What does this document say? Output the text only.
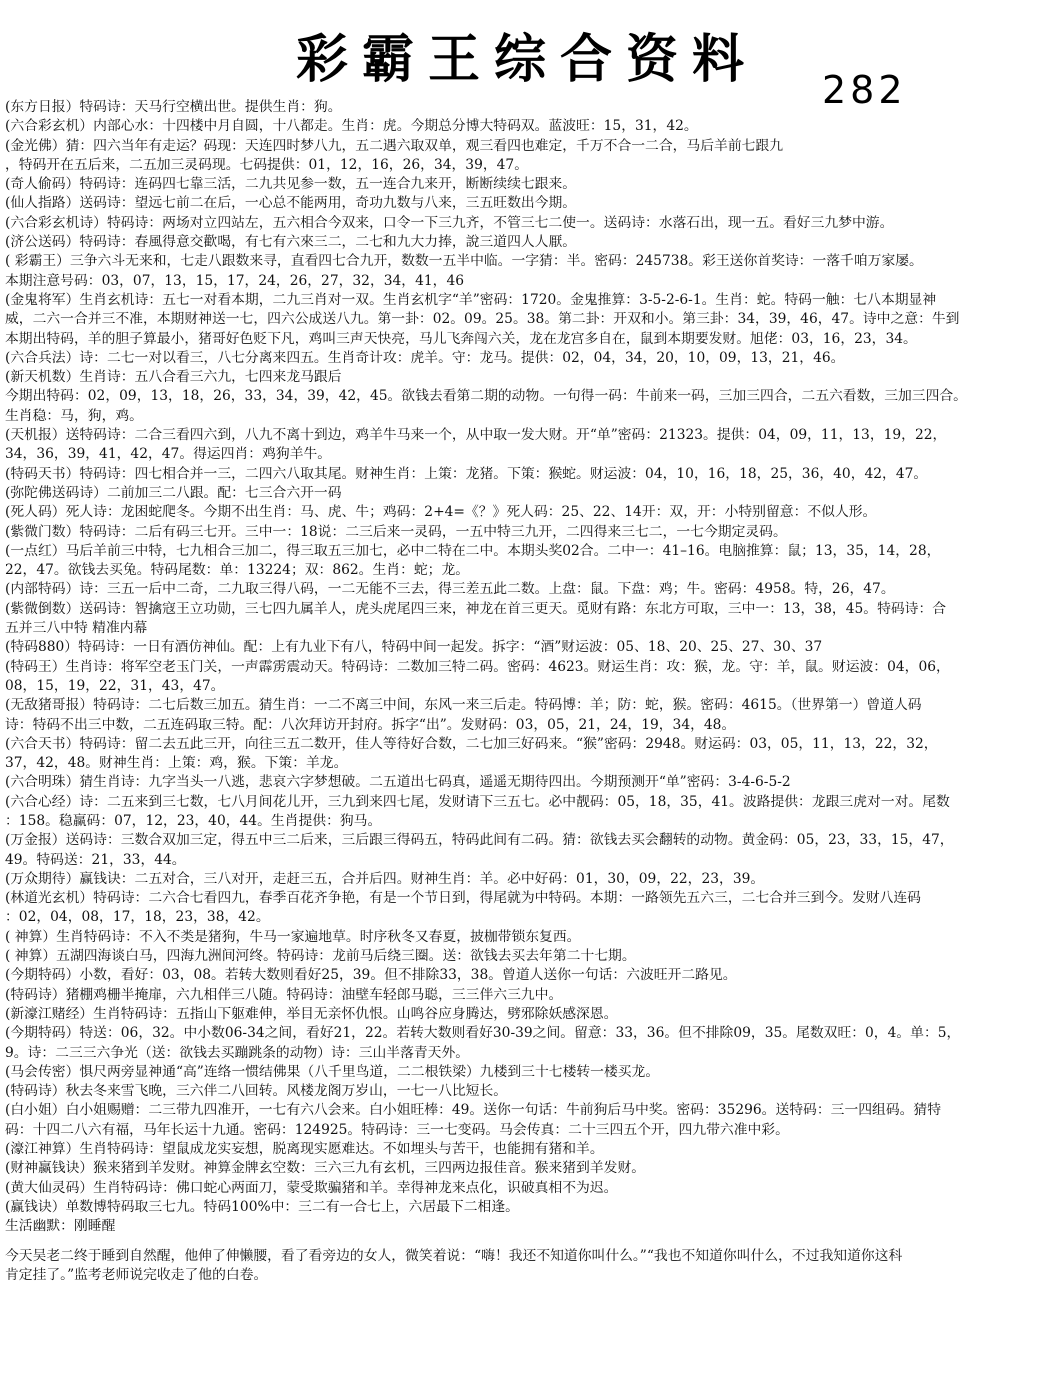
彩霸王综合资料	282
(东方日报）特码诗：天马行空横出世。提供生肖：狗。
(六合彩玄机）内部心水：十四楼中月自圆，十八都走。生肖：虎。今期总分博大特码双。蓝波旺：15，31，42。
(金光佛）猜：四六当年有走运？码现：天连四时梦八九，五二遇六取双单，观三看四也难定，千万不合一二合，马后羊前七跟九
，特码开在五后来，二五加三灵码现。七码提供：01，12，16，26，34，39，47。
(奇人偷码）特码诗：连码四七靠三活，二九共见参一数，五一连合九来开，断断续续七跟来。
(仙人指路）送码诗：望远七前二在后，一心总不能两用，奇功九数与八来，三五旺数出今期。
(六合彩玄机诗）特码诗：两场对立四站左，五六相合今双来，口令一下三九齐，不管三七二使一。送码诗：水落石出，现一五。看好三九梦中游。
(济公送码）特码诗：春風得意交歡喝，有七有六來三二，二七和九大力捧，說三道四人人厭。
( 彩霸王）三争六斗无来和，七走八跟数来寻，直看四七合九开，数数一五半中临。一字猜：半。密码：245738。彩王送你首奖诗：一落千咱万家屡。
本期注意号码：03，07，13，15，17，24，26，27，32，34，41，46
(金鬼将军）生肖玄机诗：五七一对看本期，二九三肖对一双。生肖玄机字“羊”密码：1720。金鬼推算：3-5-2-6-1。生肖：蛇。特码一触：七八本期显神
威，二六一合并三不准，本期财神送一七，四六公成送八九。第一卦：02。09。25。38。第二卦：开双和小。第三卦：34，39，46，47。诗中之意：牛到
本期出特码，羊的胆子算最小，猪哥好色贬下凡，鸡叫三声天快亮，马儿飞奔闯六关，龙在龙宫多自在，鼠到本期要发财。旭佬：03，16，23，34。
(六合兵法）诗：二七一对以看三，八七分离来四五。生肖奇计攻：虎羊。守：龙马。提供：02，04，34，20，10，09，13，21，46。
(新天机数）生肖诗：五八合看三六九，七四来龙马跟后
今期出特码：02，09，13，18，26，33，34，39，42，45。欲钱去看第二期的动物。一句得一码：牛前来一码，三加三四合，二五六看数，三加三四合。
生肖稳：马，狗，鸡。
(天机报）送特码诗：二合三看四六到，八九不离十到边，鸡羊牛马来一个，从中取一发大财。开“单”密码：21323。提供：04，09，11，13，19，22，
34，36，39，41，42，47。得运四肖：鸡狗羊牛。
(特码天书）特码诗：四七相合并一三，二四六八取其尾。财神生肖：上策：龙猪。下策：猴蛇。财运波：04，10，16，18，25，36，40，42，47。
(弥陀佛送码诗）二前加三二八跟。配：七三合六开一码
(死人码）死人诗：龙困蛇爬冬。今期不出生肖：马、虎、牛；鸡码：2+4=《？》死人码：25、22、14开：双，开：小特别留意：不似人形。
(紫微门数）特码诗：二后有码三七开。三中一：18说：二三后来一灵码，一五中特三九开，二四得来三七二，一七今期定灵码。
(一点红）马后羊前三中特，七九相合三加二，得三取五三加七，必中二特在二中。本期头奖02合。二中一：41–16。电脑推算：鼠；13，35，14，28，
22，47。欲钱去买兔。特码尾数：单：13224；双：862。生肖：蛇；龙。
(内部特码）诗：三五一后中二奇，二九取三得八码，一二无能不三去，得三差五此二数。上盘：鼠。下盘：鸡；牛。密码：4958。特，26，47。
(紫微倒数）送码诗：智擒寇王立功勋，三七四九属羊人，虎头虎尾四三来，神龙在首三更天。觅财有路：东北方可取，三中一：13，38，45。特码诗：合
五并三八中特 精准内幕
(特码880）特码诗：一日有酒仿神仙。配：上有九业下有八，特码中间一起发。拆字：“酒”财运波：05、18、20、25、27、30、37
(特码王）生肖诗：将军空老玉门关，一声霹雳震动天。特码诗：二数加三特二码。密码：4623。财运生肖：攻：猴，龙。守：羊，鼠。财运波：04，06，
08，15，19，22，31，43，47。
(无敌猪哥报）特码诗：二七后数三加五。猜生肖：一二不离三中间，东风一来三后走。特码博：羊；防：蛇，猴。密码：4615。（世界第一）曾道人码
诗：特码不出三中数，二五连码取三特。配：八次拜访开封府。拆字“出”。发财码：03，05，21，24，19，34，48。
(六合天书）特码诗：留二去五此三开，向往三五二数开，佳人等待好合数，二七加三好码来。“猴”密码：2948。财运码：03，05，11，13，22，32，
37，42，48。财神生肖：上策：鸡，猴。下策：羊龙。
(六合明珠）猜生肖诗：九字当头一八逃，悲哀六字梦想破。二五道出七码真，遥遥无期待四出。今期预测开“单”密码：3-4-6-5-2
(六合心经）诗：二五来到三七数，七八月间花儿开，三九到来四七尾，发财请下三五七。必中靓码：05，18，35，41。波路提供：龙跟三虎对一对。尾数
：158。稳赢码：07，12，23，40，44。生肖提供：狗马。
(万金报）送码诗：三数合双加三定，得五中三二后来，三后跟三得码五，特码此间有二码。猜：欲钱去买会翻转的动物。黄金码：05，23，33，15，47，
49。特码送：21，33，44。
(万众期待）赢钱诀：二五对合，三八对开，走赶三五，合并后四。财神生肖：羊。必中好码：01，30，09，22，23，39。
(林道光玄机）特码诗：二六合七看四九，春季百花齐争艳，有是一个节日到，得尾就为中特码。本期：一路领先五六三，二七合并三到今。发财八连码
：02，04，08，17，18，23，38，42。
( 神算）生肖特码诗：不入不类是猪狗，牛马一家遍地草。时序秋冬又春夏，披枷带锁东复西。
( 神算）五湖四海谈白马，四海九洲间河终。特码诗：龙前马后绕三圈。送：欲钱去买去年第二十七期。
(今期特码）小数，看好：03，08。若转大数则看好25，39。但不排除33，38。曾道人送你一句话：六波旺开二路见。
(特码诗）猪棚鸡栅半掩扉，六九相伴三八随。特码诗：油壁车轻郎马聪，三三伴六三九中。
(新濠江赌经）生肖特码诗：五指山下躯难伸，举目无亲怀仇恨。山鸣谷应身腾达，劈邪除妖感深恩。
(今期特码）特送：06，32。中小数06-34之间，看好21，22。若转大数则看好30-39之间。留意：33，36。但不排除09，35。尾数双旺：0，4。单：5，
9。诗：二三三六争光（送：欲钱去买蹦跳条的动物）诗：三山半落青天外。
(马会传密）惧尺两旁显神通“高”连络一惯结佛果（八千里鸟道，二二根铁梁）九楼到三十七楼转一楼买龙。
(特码诗）秋去冬来雪飞晚，三六伴二八回转。风楼龙阁万岁山，一七一八比短长。
(白小姐）白小姐赐赠：二三带九四准开，一七有六八会来。白小姐旺棒：49。送你一句话：牛前狗后马中奖。密码：35296。送特码：三一四组码。猜特
码：十四二八六有福，马年长运十九通。密码：124925。特码诗：三一七变码。马会传真：二十三四五个开，四九带六准中彩。
(濠江神算）生肖特码诗：望鼠成龙实妄想，脱离现实愿难达。不如埋头与苦干，也能拥有猪和羊。
(财神赢钱诀）猴来猪到羊发财。神算金牌玄空数：三六三九有玄机，三四两边报佳音。猴来猪到羊发财。
(黄大仙灵码）生肖特码诗：佛口蛇心两面刀，蒙受欺骗猪和羊。幸得神龙来点化，识破真相不为迟。
(赢钱诀）单数博特码取三七九。特码100%中：三二有一合七上，六居最下二相逢。
生活幽默：刚睡醒
今天吴老二终于睡到自然醒，他伸了伸懒腰，看了看旁边的女人，微笑着说：“嗨！我还不知道你叫什么。”“我也不知道你叫什么，不过我知道你这科
肯定挂了。”监考老师说完收走了他的白卷。
